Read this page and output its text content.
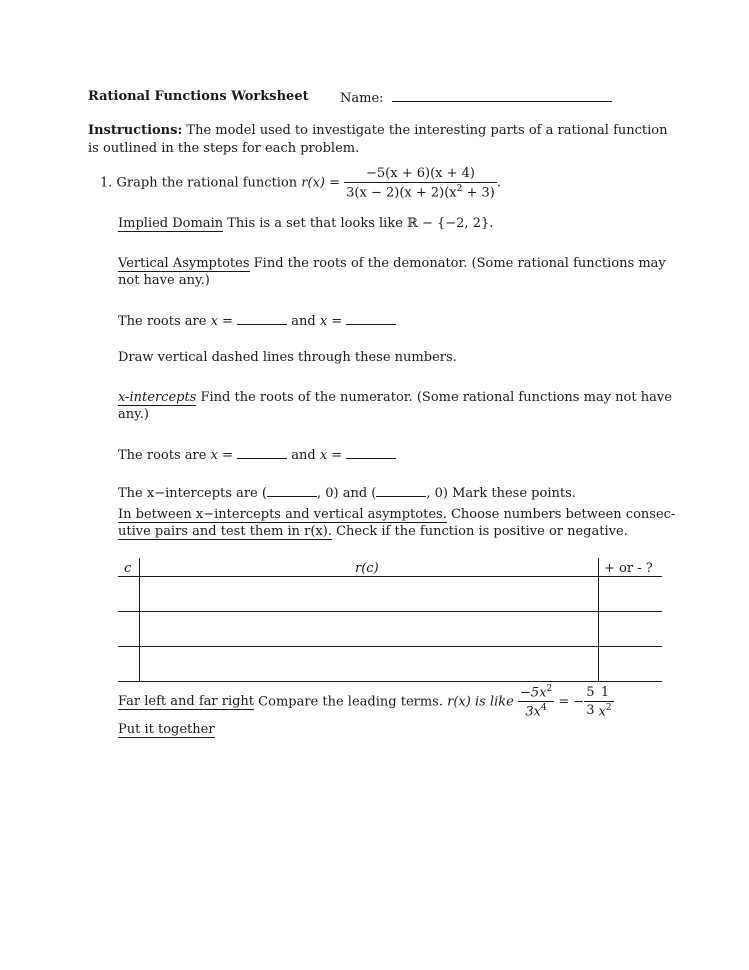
Rational Functions Worksheet Name:
Instructions: The model used to investigate the interesting parts of a rational function
is outlined in the steps for each problem.
1. Graph the rational function $r(x) = \frac{-5(x + 6)(x + 4)}{3(x - 2)(x + 2)(x^2 + 3)}$ .
Implied Domain This is a set that looks like ℝ − {−2, 2}.
Vertical Asymptotes Find the roots of the demonator. (Some rational functions may
not have any.)
The roots are x =	and x =
Draw vertical dashed lines through these numbers.
x-intercepts Find the roots of the numerator. (Some rational functions may not have
any.)
The roots are x =	and x =
The x−intercepts are (	, 0) and (	, 0) Mark these points.
In between x−intercepts and vertical asymptotes. Choose numbers between consec-
utive pairs and test them in r(x). Check if the function is positive or negative.
c	r(c)	+ or - ?
Far left and far right Compare the leading terms. r(x) is like $\frac{-5x^2}{3x^4}$ = − $\frac{5}{3} \frac{1}{x^2}$
Put it together
